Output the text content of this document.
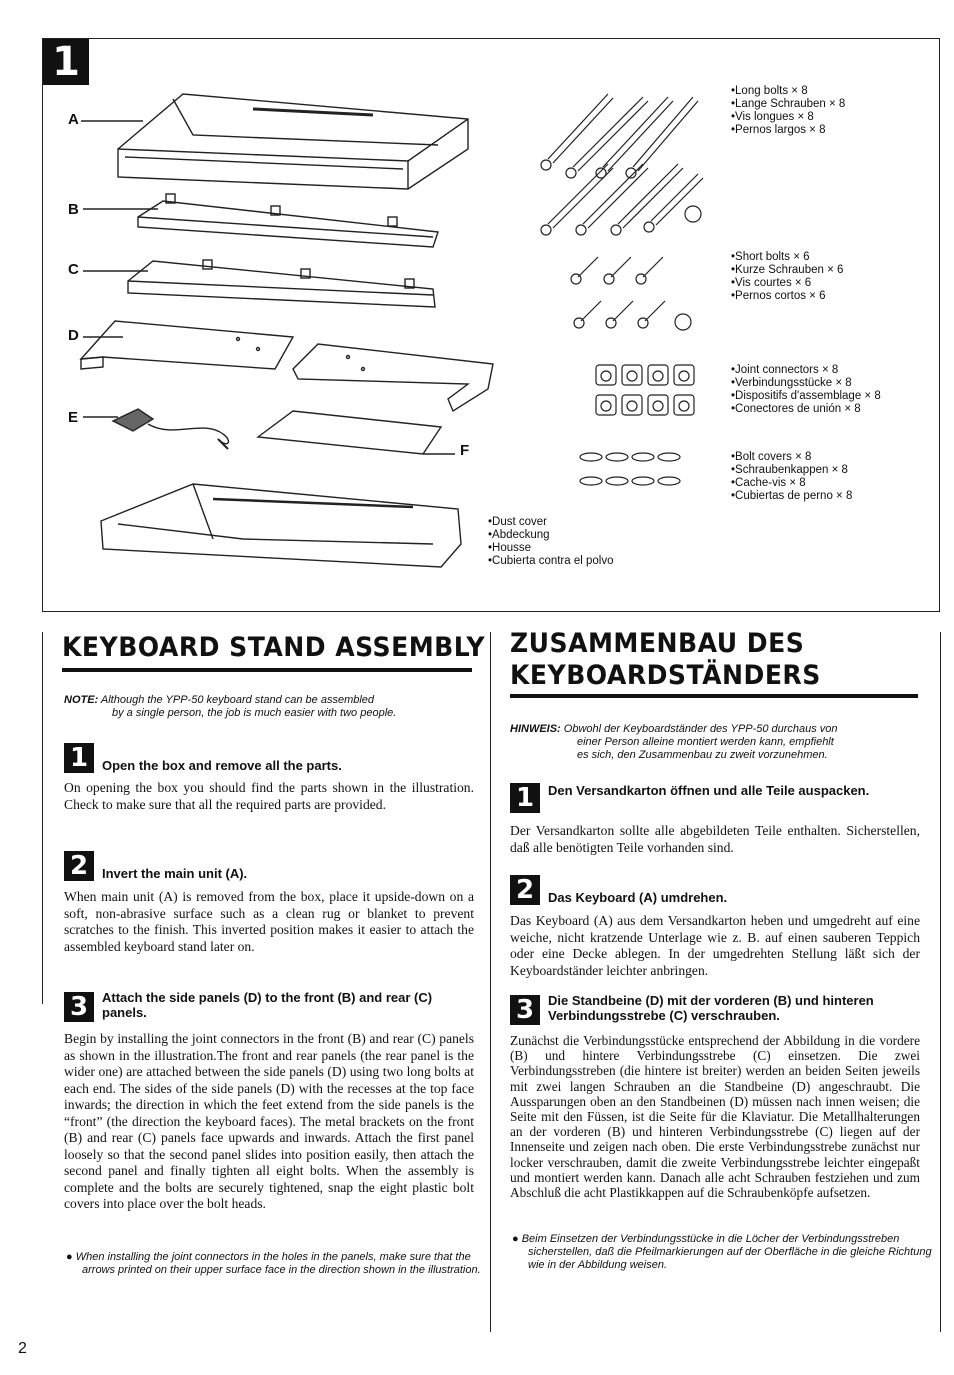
1
A
B
C
D
E
F
•Long bolts × 8
•Lange Schrauben × 8
•Vis longues × 8
•Pernos largos × 8
•Short bolts × 6
•Kurze Schrauben × 6
•Vis courtes × 6
•Pernos cortos × 6
•Joint connectors × 8
•Verbindungsstücke × 8
•Dispositifs d'assemblage × 8
•Conectores de unión × 8
•Bolt covers × 8
•Schraubenkappen × 8
•Cache-vis × 8
•Cubiertas de perno × 8
•Dust cover
•Abdeckung
•Housse
•Cubierta contra el polvo
KEYBOARD STAND ASSEMBLY
NOTE: Although the YPP-50 keyboard stand can be assembled
by a single person, the job is much easier with two people.
1	Open the box and remove all the parts.
On opening the box you should find the parts shown in the illustration. Check to make sure that all the required parts are provided.
2	Invert the main unit (A).
When main unit (A) is removed from the box, place it upside-down on a soft, non-abrasive surface such as a clean rug or blanket to prevent scratches to the finish. This inverted position makes it easier to attach the assembled keyboard stand later on.
3	Attach the side panels (D) to the front (B) and rear (C) panels.
Begin by installing the joint connectors in the front (B) and rear (C) panels as shown in the illustration.The front and rear panels (the rear panel is the wider one) are attached between the side panels (D) using two long bolts at each end. The sides of the side panels (D) with the recesses at the top face inwards; the direction in which the feet extend from the side panels is the “front” (the direction the keyboard faces). The metal brackets on the front (B) and rear (C) panels face upwards and inwards. Attach the first panel loosely so that the second panel slides into position easily, then attach the second panel and finally tighten all eight bolts. When the assembly is complete and the bolts are securely tightened, snap the eight plastic bolt covers into place over the bolt heads.
● When installing the joint connectors in the holes in the panels, make sure that the arrows printed on their upper surface face in the direction shown in the illustration.
ZUSAMMENBAU DES
KEYBOARDSTÄNDERS
HINWEIS: Obwohl der Keyboardständer des YPP-50 durchaus von
einer Person alleine montiert werden kann, empfiehlt
es sich, den Zusammenbau zu zweit vorzunehmen.
1	Den Versandkarton öffnen und alle Teile auspacken.
Der Versandkarton sollte alle abgebildeten Teile enthalten. Sicherstellen, daß alle benötigten Teile vorhanden sind.
2	Das Keyboard (A) umdrehen.
Das Keyboard (A) aus dem Versandkarton heben und umgedreht auf eine weiche, nicht kratzende Unterlage wie z. B. auf einen sauberen Teppich oder eine Decke ablegen. In der umgedrehten Stellung läßt sich der Keyboardständer leichter anbringen.
3	Die Standbeine (D) mit der vorderen (B) und hinteren Verbindungsstrebe (C) verschrauben.
Zunächst die Verbindungsstücke entsprechend der Abbildung in die vordere (B) und hintere Verbindungsstrebe (C) einsetzen. Die zwei Verbindungsstreben (die hintere ist breiter) werden an beiden Seiten jeweils mit zwei langen Schrauben an die Standbeine (D) angeschraubt. Die Aussparungen oben an den Standbeinen (D) müssen nach innen weisen; die Seite mit den Füssen, ist die Seite für die Klaviatur. Die Metallhalterungen an der vorderen (B) und hinteren Verbindungsstrebe (C) liegen auf der Innenseite und zeigen nach oben. Die erste Verbindungsstrebe zunächst nur locker verschrauben, damit die zweite Verbindungsstrebe leichter eingepaßt und montiert werden kann. Danach alle acht Schrauben festziehen und zum Abschluß die acht Plastikkappen auf die Schraubenköpfe aufsetzen.
● Beim Einsetzen der Verbindungsstücke in die Löcher der Verbindungsstreben sicherstellen, daß die Pfeilmarkierungen auf der Oberfläche in die gleiche Richtung wie in der Abbildung weisen.
2
